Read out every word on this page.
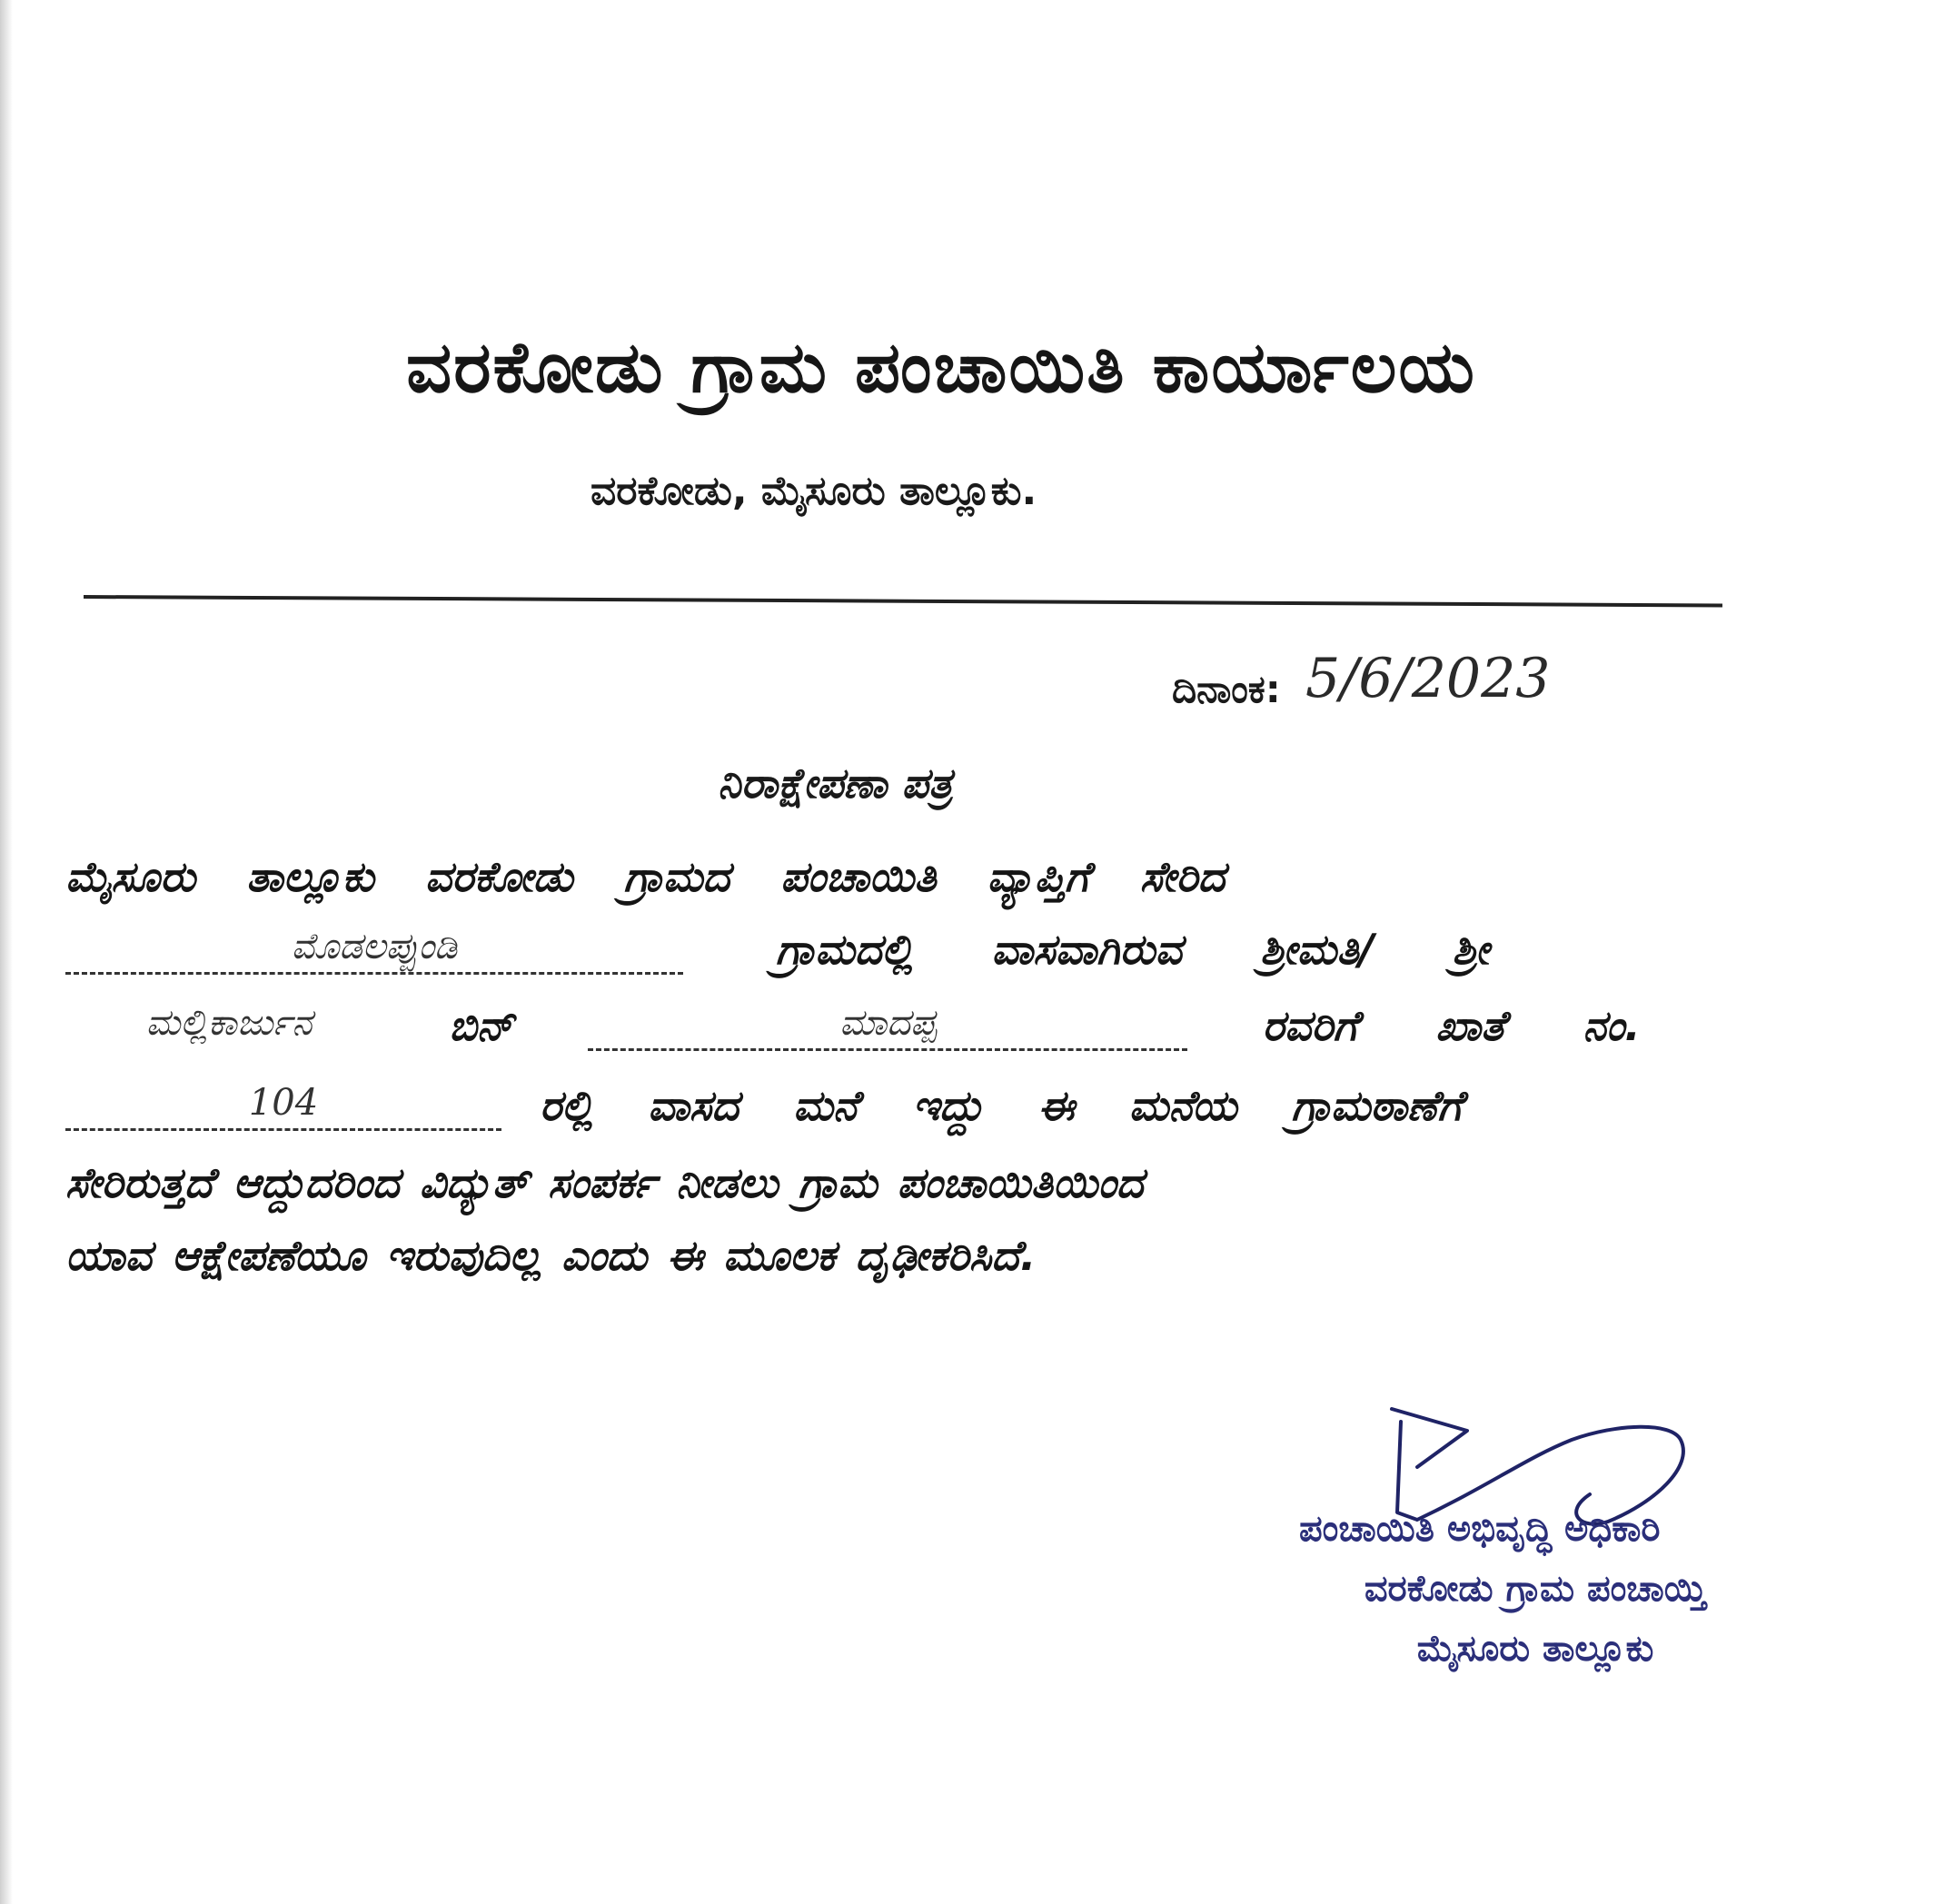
ವರಕೋಡು ಗ್ರಾಮ ಪಂಚಾಯಿತಿ ಕಾರ್ಯಾಲಯ
ವರಕೋಡು, ಮೈಸೂರು ತಾಲ್ಲೂಕು.
ದಿನಾಂಕ: 5/6/2023
ನಿರಾಕ್ಷೇಪಣಾ ಪತ್ರ
ಮೈಸೂರು ತಾಲ್ಲೂಕು ವರಕೋಡು ಗ್ರಾಮದ ಪಂಚಾಯಿತಿ ವ್ಯಾಪ್ತಿಗೆ ಸೇರಿದ
ಮೊಡಲಪ್ಪುಂಡಿ	ಗ್ರಾಮದಲ್ಲಿ ವಾಸವಾಗಿರುವ ಶ್ರೀಮತಿ/ ಶ್ರೀ
ಮಲ್ಲಿಕಾರ್ಜುನ	ಬಿನ್	ಮಾದಪ್ಪ	ರವರಿಗೆ ಖಾತೆ ನಂ.
104	ರಲ್ಲಿ ವಾಸದ ಮನೆ ಇದ್ದು ಈ ಮನೆಯ ಗ್ರಾಮಠಾಣೆಗೆ
ಸೇರಿರುತ್ತದೆ ಆದ್ದುದರಿಂದ ವಿದ್ಯುತ್ ಸಂಪರ್ಕ ನೀಡಲು ಗ್ರಾಮ ಪಂಚಾಯಿತಿಯಿಂದ
ಯಾವ ಆಕ್ಷೇಪಣೆಯೂ ಇರುವುದಿಲ್ಲ ಎಂದು ಈ ಮೂಲಕ ದೃಢೀಕರಿಸಿದೆ.
ಪಂಚಾಯಿತಿ ಅಭಿವೃದ್ಧಿ ಅಧಿಕಾರಿ
ವರಕೋಡು ಗ್ರಾಮ ಪಂಚಾಯ್ತಿ
ಮೈಸೂರು ತಾಲ್ಲೂಕು
